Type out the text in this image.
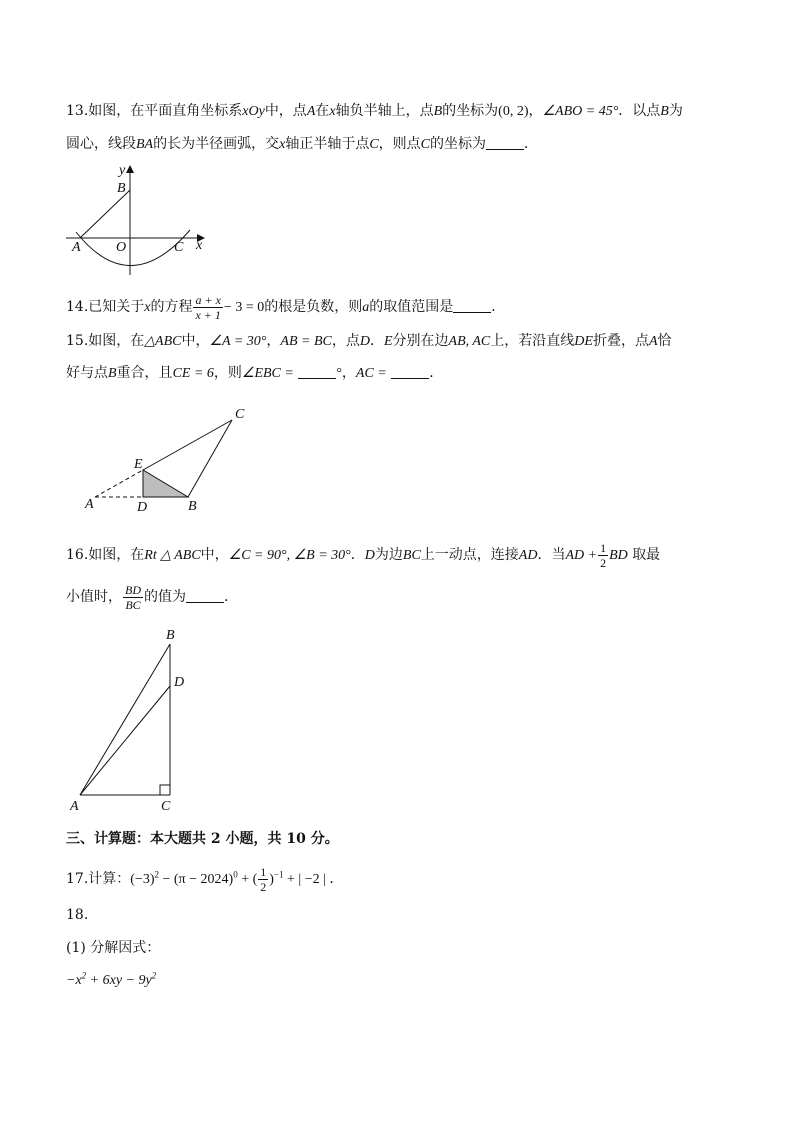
13.如图，在平面直角坐标系xOy中，点A在x轴负半轴上，点B的坐标为(0, 2)，∠ABO = 45°．以点B为
圆心，线段BA的长为半径画弧，交x轴正半轴于点C，则点C的坐标为	．
y
x
B
A	O	C
14.已知关于x的方程 $\frac{a + x}{x + 1} - 3 = 0$的根是负数，则a的取值范围是	．
15.如图，在△ABC中，∠A = 30°，AB = BC，点D．E分别在边AB, AC上，若沿直线DE折叠，点A恰
好与点B重合，且CE = 6，则∠EBC =	°，AC =	．
C
E
A	D	B
16.如图，在Rt △ ABC中，∠C = 90°, ∠B = 30°．D为边BC上一动点，连接AD．当AD + $\frac{1}{2}$ BD 取最
小值时， $\frac{BD}{BC}$ 的值为	．
B
D
A	C
三、计算题：本大题共 2 小题，共 10 分。
17.计算：$(-3)^2 - (\pi - 2024)^0$ + ( $\frac{1}{2} )^{-1}$ + | −2 | ．
18.
(1) 分解因式：
$-x^2 + 6xy - 9y^2$
